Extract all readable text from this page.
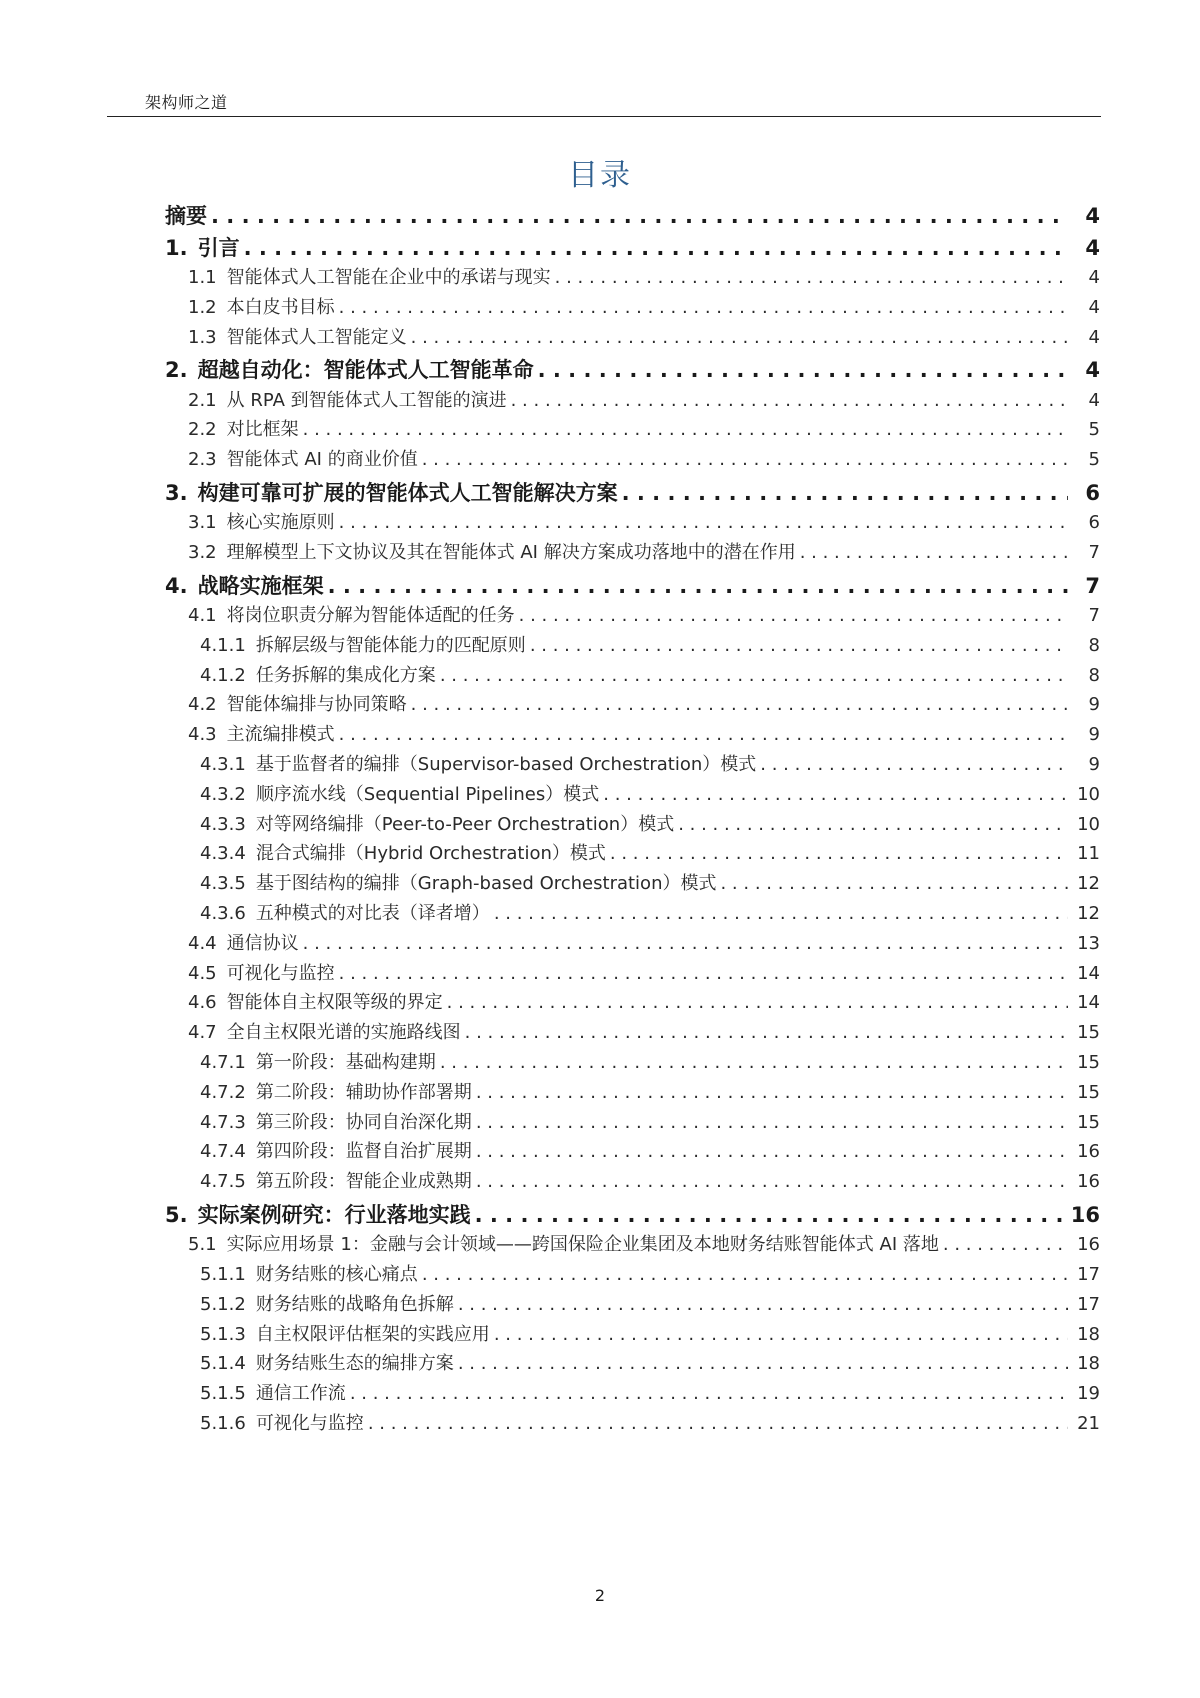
架构师之道
目录
摘要 . . .	4
1. 引言 . . .	4
1.1 智能体式人工智能在企业中的承诺与现实 . . .	4
1.2 本白皮书目标 . . .	4
1.3 智能体式人工智能定义 . . .	4
2. 超越自动化：智能体式人工智能革命 . . .	4
2.1 从 RPA 到智能体式人工智能的演进 . . .	4
2.2 对比框架 . . .	5
2.3 智能体式 AI 的商业价值 . . .	5
3. 构建可靠可扩展的智能体式人工智能解决方案 . . .	6
3.1 核心实施原则 . . .	6
3.2 理解模型上下文协议及其在智能体式 AI 解决方案成功落地中的潜在作用 . . .	7
4. 战略实施框架 . . .	7
4.1 将岗位职责分解为智能体适配的任务 . . .	7
4.1.1 拆解层级与智能体能力的匹配原则 . . .	8
4.1.2 任务拆解的集成化方案 . . .	8
4.2 智能体编排与协同策略 . . .	9
4.3 主流编排模式 . . .	9
4.3.1 基于监督者的编排（Supervisor-based Orchestration）模式 . . .	9
4.3.2 顺序流水线（Sequential Pipelines）模式 . . .	10
4.3.3 对等网络编排（Peer-to-Peer Orchestration）模式 . . .	10
4.3.4 混合式编排（Hybrid Orchestration）模式 . . .	11
4.3.5 基于图结构的编排（Graph-based Orchestration）模式 . . .	12
4.3.6 五种模式的对比表（译者增） . . .	12
4.4 通信协议 . . .	13
4.5 可视化与监控 . . .	14
4.6 智能体自主权限等级的界定 . . .	14
4.7 全自主权限光谱的实施路线图 . . .	15
4.7.1 第一阶段：基础构建期 . . .	15
4.7.2 第二阶段：辅助协作部署期 . . .	15
4.7.3 第三阶段：协同自治深化期 . . .	15
4.7.4 第四阶段：监督自治扩展期 . . .	16
4.7.5 第五阶段：智能企业成熟期 . . .	16
5. 实际案例研究：行业落地实践 . . .	16
5.1 实际应用场景 1：金融与会计领域——跨国保险企业集团及本地财务结账智能体式 AI 落地 . . .	16
5.1.1 财务结账的核心痛点 . . .	17
5.1.2 财务结账的战略角色拆解 . . .	17
5.1.3 自主权限评估框架的实践应用 . . .	18
5.1.4 财务结账生态的编排方案 . . .	18
5.1.5 通信工作流 . . .	19
5.1.6 可视化与监控 . . .	21
2
